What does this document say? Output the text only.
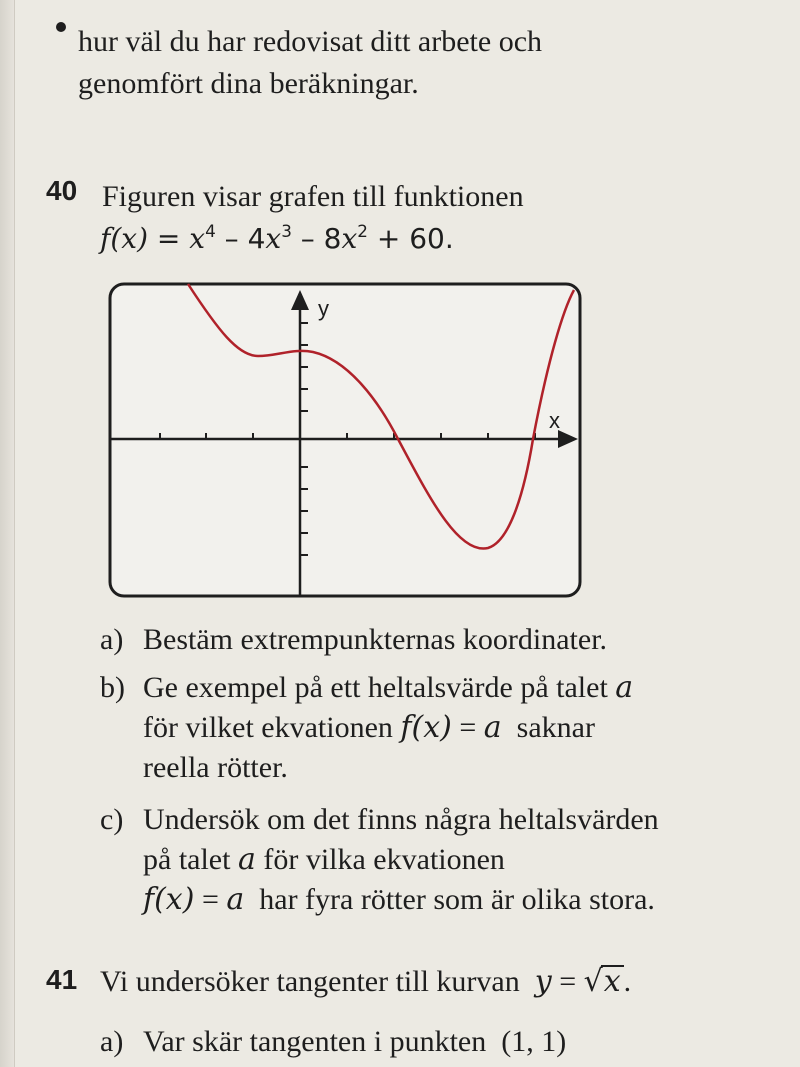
hur väl du har redovisat ditt arbete och
genomfört dina beräkningar.
40 Figuren visar grafen till funktionen
$f(x) = x^4 - 4x^3 - 8x^2 + 60$.
y
x
a) Bestäm extrempunkternas koordinater.
b) Ge exempel på ett heltalsvärde på talet a
för vilket ekvationen f(x) = a saknar
reella rötter.
c) Undersök om det finns några heltalsvärden
på talet a för vilka ekvationen
f(x) = a har fyra rötter som är olika stora.
41 Vi undersöker tangenter till kurvan y = √x .
a) Var skär tangenten i punkten (1, 1)
